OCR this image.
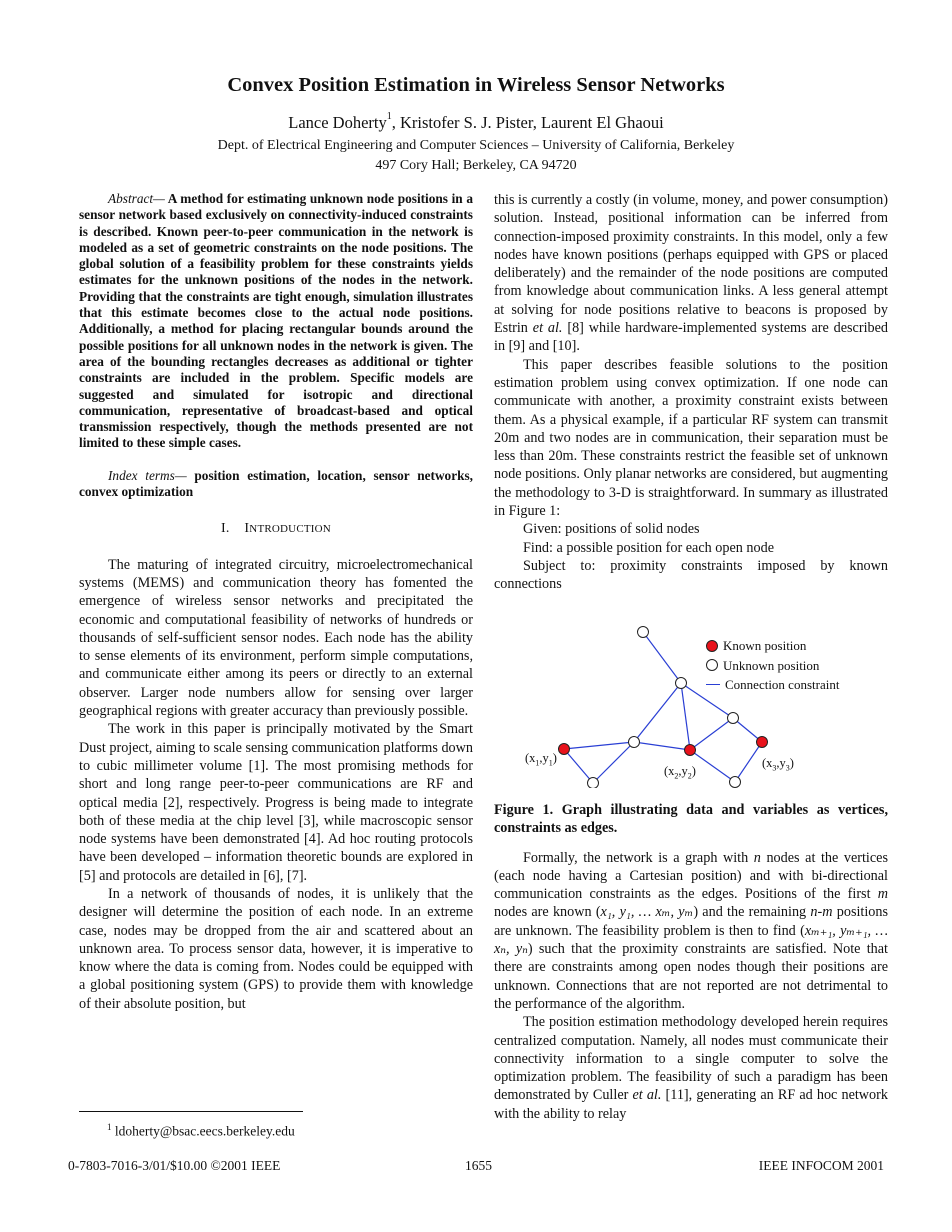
Convex Position Estimation in Wireless Sensor Networks
Lance Doherty$^1$, Kristofer S. J. Pister, Laurent El Ghaoui
Dept. of Electrical Engineering and Computer Sciences – University of California, Berkeley
497 Cory Hall; Berkeley, CA 94720

Abstract— A method for estimating unknown node positions in a sensor network based exclusively on connectivity-induced constraints is described. Known peer-to-peer communication in the network is modeled as a set of geometric constraints on the node positions. The global solution of a feasibility problem for these constraints yields estimates for the unknown positions of the nodes in the network. Providing that the constraints are tight enough, simulation illustrates that this estimate becomes close to the actual node positions. Additionally, a method for placing rectangular bounds around the possible positions for all unknown nodes in the network is given. The area of the bounding rectangles decreases as additional or tighter constraints are included in the problem. Specific models are suggested and simulated for isotropic and directional communication, representative of broadcast-based and optical transmission respectively, though the methods presented are not limited to these simple cases.

Index terms— position estimation, location, sensor networks, convex optimization

I. INTRODUCTION

The maturing of integrated circuitry, microelectromechanical systems (MEMS) and communication theory has fomented the emergence of wireless sensor networks and precipitated the economic and computational feasibility of networks of hundreds or thousands of self-sufficient sensor nodes. Each node has the ability to sense elements of its environment, perform simple computations, and communicate either among its peers or directly to an external observer. Larger node numbers allow for sensing over larger geographical regions with greater accuracy than previously possible.

The work in this paper is principally motivated by the Smart Dust project, aiming to scale sensing communication platforms down to cubic millimeter volume [1]. The most promising methods for short and long range peer-to-peer communications are RF and optical media [2], respectively. Progress is being made to integrate both of these media at the chip level [3], while macroscopic sensor node systems have been demonstrated [4]. Ad hoc routing protocols have been developed – information theoretic bounds are explored in [5] and protocols are detailed in [6], [7].

In a network of thousands of nodes, it is unlikely that the designer will determine the position of each node. In an extreme case, nodes may be dropped from the air and scattered about an unknown area. To process sensor data, however, it is imperative to know where the data is coming from. Nodes could be equipped with a global positioning system (GPS) to provide them with knowledge of their absolute position, but

$^1$ ldoherty@bsac.eecs.berkeley.edu

this is currently a costly (in volume, money, and power consumption) solution. Instead, positional information can be inferred from connection-imposed proximity constraints. In this model, only a few nodes have known positions (perhaps equipped with GPS or placed deliberately) and the remainder of the node positions are computed from knowledge about communication links. A less general attempt at solving for node positions relative to beacons is proposed by Estrin et al. [8] while hardware-implemented systems are described in [9] and [10].

This paper describes feasible solutions to the position estimation problem using convex optimization. If one node can communicate with another, a proximity constraint exists between them. As a physical example, if a particular RF system can transmit 20m and two nodes are in communication, their separation must be less than 20m. These constraints restrict the feasible set of unknown node positions. Only planar networks are considered, but augmenting the methodology to 3-D is straightforward. In summary as illustrated in Figure 1:

Given: positions of solid nodes

Find: a possible position for each open node

Subject to: proximity constraints imposed by known connections

Known position
Unknown position
Connection constraint
$(x_1,y_1)$
$(x_2,y_2)$
$(x_3,y_3)$

Figure 1. Graph illustrating data and variables as vertices, constraints as edges.

Formally, the network is a graph with n nodes at the vertices (each node having a Cartesian position) and with bi-directional communication constraints as the edges. Positions of the first m nodes are known (x₁, y₁, … xₘ, yₘ) and the remaining n-m positions are unknown. The feasibility problem is then to find (xₘ₊₁, yₘ₊₁, … xₙ, yₙ) such that the proximity constraints are satisfied. Note that there are constraints among open nodes though their positions are unknown. Connections that are not reported are not detrimental to the performance of the algorithm.

The position estimation methodology developed herein requires centralized computation. Namely, all nodes must communicate their connectivity information to a single computer to solve the optimization problem. The feasibility of such a paradigm has been demonstrated by Culler et al. [11], generating an RF ad hoc network with the ability to relay

0-7803-7016-3/01/$10.00 ©2001 IEEE	1655	IEEE INFOCOM 2001
